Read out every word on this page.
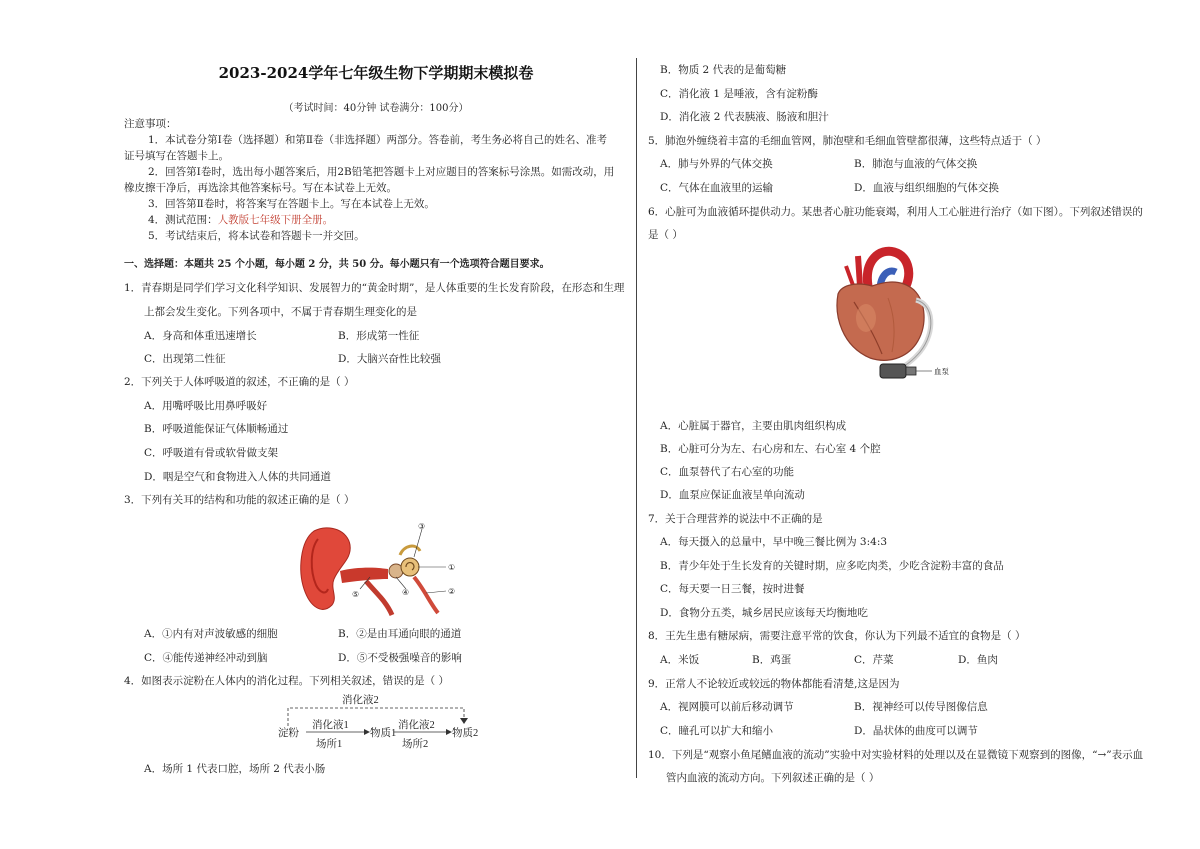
2023-2024学年七年级生物下学期期末模拟卷
（考试时间：40分钟 试卷满分：100分）
注意事项：
1．本试卷分第Ⅰ卷（选择题）和第Ⅱ卷（非选择题）两部分。答卷前，考生务必将自己的姓名、准考
证号填写在答题卡上。
2．回答第Ⅰ卷时，选出每小题答案后，用2B铅笔把答题卡上对应题目的答案标号涂黑。如需改动，用
橡皮擦干净后，再选涂其他答案标号。写在本试卷上无效。
3．回答第Ⅱ卷时，将答案写在答题卡上。写在本试卷上无效。
4．测试范围：人教版七年级下册全册。
5．考试结束后，将本试卷和答题卡一并交回。
一、选择题：本题共 25 个小题，每小题 2 分，共 50 分。每小题只有一个选项符合题目要求。
1．青春期是同学们学习文化科学知识、发展智力的“黄金时期”，是人体重要的生长发育阶段，在形态和生理
上都会发生变化。下列各项中，不属于青春期生理变化的是
A．身高和体重迅速增长	B．形成第一性征
C．出现第二性征	D．大脑兴奋性比较强
2．下列关于人体呼吸道的叙述，不正确的是（ ）
A．用嘴呼吸比用鼻呼吸好
B．呼吸道能保证气体顺畅通过
C．呼吸道有骨或软骨做支架
D．咽是空气和食物进入人体的共同通道
3．下列有关耳的结构和功能的叙述正确的是（ ）
③
①
②
④
⑤
A．①内有对声波敏感的细胞	B．②是由耳通向眼的通道
C．④能传递神经冲动到脑	D．⑤不受极强噪音的影响
4．如图表示淀粉在人体内的消化过程。下列相关叙述，错误的是（ ）
消化液2
淀粉
消化液1
场所1
物质1
消化液2
场所2
物质2
A．场所 1 代表口腔，场所 2 代表小肠
B．物质 2 代表的是葡萄糖
C．消化液 1 是唾液，含有淀粉酶
D．消化液 2 代表胰液、肠液和胆汁
5．肺泡外缠绕着丰富的毛细血管网，肺泡壁和毛细血管壁都很薄，这些特点适于（ ）
A．肺与外界的气体交换	B．肺泡与血液的气体交换
C．气体在血液里的运输	D．血液与组织细胞的气体交换
6．心脏可为血液循环提供动力。某患者心脏功能衰竭，利用人工心脏进行治疗（如下图）。下列叙述错误的
是（ ）
血泵
A．心脏属于器官，主要由肌肉组织构成
B．心脏可分为左、右心房和左、右心室 4 个腔
C．血泵替代了右心室的功能
D．血泵应保证血液呈单向流动
7．关于合理营养的说法中不正确的是
A．每天摄入的总量中，早中晚三餐比例为 3:4:3
B．青少年处于生长发育的关键时期，应多吃肉类，少吃含淀粉丰富的食品
C．每天要一日三餐，按时进餐
D．食物分五类，城乡居民应该每天均衡地吃
8．王先生患有糖尿病，需要注意平常的饮食，你认为下列最不适宜的食物是（ ）
A．米饭	B．鸡蛋	C．芹菜	D．鱼肉
9．正常人不论较近或较远的物体都能看清楚,这是因为
A．视网膜可以前后移动调节	B．视神经可以传导图像信息
C．瞳孔可以扩大和缩小	D．晶状体的曲度可以调节
10．下列是“观察小鱼尾鳍血液的流动”实验中对实验材料的处理以及在显微镜下观察到的图像，“→”表示血
管内血液的流动方向。下列叙述正确的是（ ）
